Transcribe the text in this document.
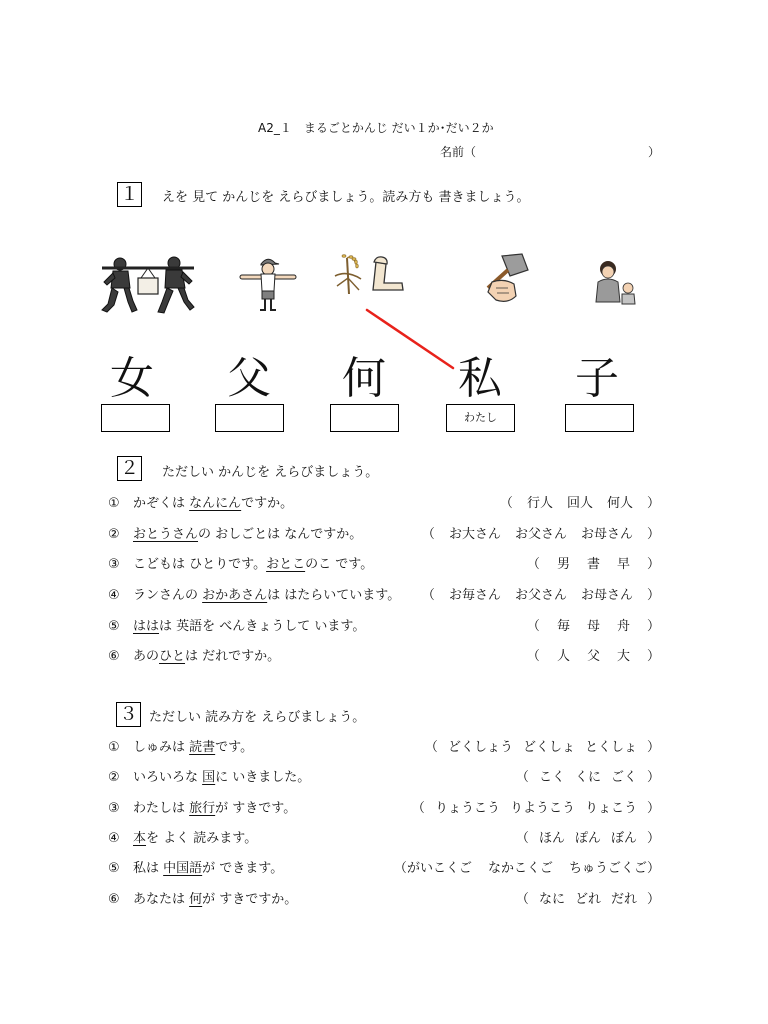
A2_１　まるごとかんじ だい１か･だい２か
名前（	）
１ えを 見て かんじを えらびましょう。読み方も 書きましょう。
女	父	何	私	子
わたし
２ ただしい かんじを えらびましょう。
① かぞくは なんにんですか。	（ 行人 回人 何人 ）
② おとうさんの おしごとは なんですか。	（ お大さん お父さん お母さん ）
③ こどもは ひとりです。おとこのこ です。	（ 男 書 早 ）
④ ランさんの おかあさんは はたらいています。 （ お毎さん お父さん お母さん ）
⑤ ははは 英語を べんきょうして います。	（ 毎 母 舟 ）
⑥ あのひとは だれですか。	（ 人 父 大 ）
３ ただしい 読み方を えらびましょう。
① しゅみは 読書です。	（ どくしょう どくしょ とくしょ ）
② いろいろな 国に いきました。	（ こく くに ごく ）
③ わたしは 旅行が すきです。	（ りょうこう りようこう りょこう ）
④ 本を よく 読みます。	（ ほん ぽん ぼん ）
⑤ 私は 中国語が できます。	（ がいこくご なかこくご ちゅうごくご ）
⑥ あなたは 何が すきですか。	（ なに どれ だれ ）
